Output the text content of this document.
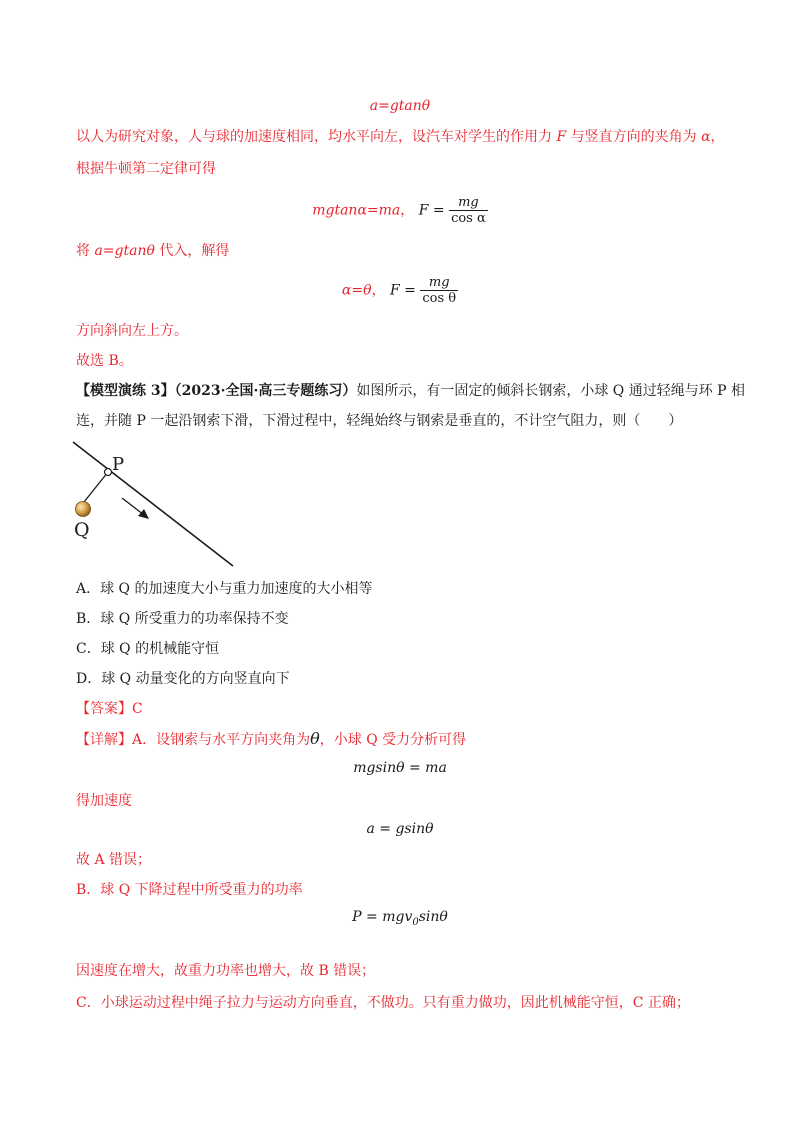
a=gtanθ
以人为研究对象，人与球的加速度相同，均水平向左，设汽车对学生的作用力 F 与竖直方向的夹角为 α，
根据牛顿第二定律可得
mgtanα=ma， $F = \frac{mg}{\text{cos α}}$
将 a=gtanθ 代入，解得
α=θ， $F = \frac{mg}{\text{cos θ}}$
方向斜向左上方。
故选 B。
【模型演练 3】（2023·全国·高三专题练习）如图所示，有一固定的倾斜长钢索，小球 Q 通过轻绳与环 P 相
连，并随 P 一起沿钢索下滑，下滑过程中，轻绳始终与钢索是垂直的，不计空气阻力，则（　　）
P
Q
A．球 Q 的加速度大小与重力加速度的大小相等
B．球 Q 所受重力的功率保持不变
C．球 Q 的机械能守恒
D．球 Q 动量变化的方向竖直向下
【答案】C
【详解】A．设钢索与水平方向夹角为θ，小球 Q 受力分析可得
mgsinθ = ma
得加速度
a = gsinθ
故 A 错误；
B．球 Q 下降过程中所受重力的功率
P = mgv$_0$sinθ
因速度在增大，故重力功率也增大，故 B 错误；
C．小球运动过程中绳子拉力与运动方向垂直，不做功。只有重力做功，因此机械能守恒，C 正确；
